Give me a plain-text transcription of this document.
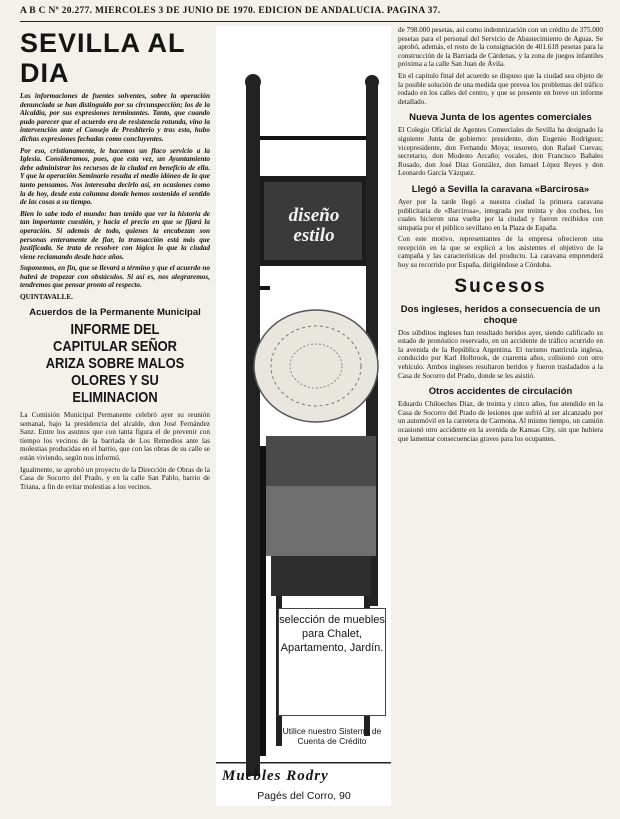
A B C Nº 20.277. MIERCOLES 3 DE JUNIO DE 1970. EDICION DE ANDALUCIA. PAGINA 37.
SEVILLA AL DIA

Las informaciones de fuentes solventes, sobre la operación denunciada se han distinguido por su circunspección; los de la Alcaldía, por sus expresiones terminantes. Tanto, que cuando pudo parecer que el acuerdo era de resistencia rotunda, vino la intervención ante el Consejo de Presbiterio y tras esto, hubo dichas expresiones fechadas como concluyentes.

Por eso, cristianamente, le hacemos un flaco servicio a la Iglesia. Consideramos, pues, que esta vez, un Ayuntamiento debe administrar los recursos de la ciudad en beneficio de ella. Y que la operación Seminario resulta el medio idóneo de la que tanto pensamos. Nos interesaba decirlo así, en ocasiones como la de hoy, desde esta columna donde hemos sostenido el sentido de las cosas a su tiempo.

Bien lo sabe todo el mundo: han tenido que ver la historia de tan importante cuestión, y hacia el precio en que se fijará la operación. Si además de todo, quienes la encabezan son personas enteramente de fiar, la transacción está más que justificada. Se trata de resolver con lógica lo que la ciudad viene reclamando desde hace años.

Suponemos, en fin, que se llevará a término y que el acuerdo no habrá de tropezar con obstáculos. Si así es, nos alegraremos, tendremos que pensar pronto al respecto.

QUINTAVALLE.
Acuerdos de la Permanente Municipal
INFORME DEL CAPITULAR SEÑOR ARIZA SOBRE MALOS OLORES Y SU ELIMINACION

La Comisión Municipal Permanente celebró ayer su reunión semanal, bajo la presidencia del alcalde, don José Fernández Sanz. Entre los asuntos que con tanta figura el de prevenir con tiempo los vecinos de la barriada de Los Remedios ante las molestias producidas en el barrio, que con las obras de su calle se están viviendo, según nos informó.

Igualmente, se aprobó un proyecto de la Dirección de Obras de la Casa de Socorro del Prado, y en la calle San Pablo, barrio de Triana, a fin de evitar molestias a los vecinos.

diseño estilo
selección de muebles para Chalet, Apartamento, Jardín.
Utilice nuestro Sistema de Cuenta de Crédito
Muebles Rodry
Pagés del Corro, 90

de 798.000 pesetas, así como indemnización con un crédito de 375.000 pesetas para el personal del Servicio de Abastecimiento de Aguas. Se aprobó, además, el resto de la consignación de 401.618 pesetas para la construcción de la Barriada de Cárdenas, y la zona de juegos infantiles próxima a la calle San Juan de Ávila.

En el capítulo final del acuerdo se dispuso que la ciudad sea objeto de la posible solución de una medida que prevea los problemas del tráfico rodado en los calles del centro, y que se presente en breve un informe detallado.

Nueva Junta de los agentes comerciales

El Colegio Oficial de Agentes Comerciales de Sevilla ha designado la siguiente Junta de gobierno: presidente, don Eugenio Rodríguez; vicepresidente, don Fernando Moya; tesorero, don Rafael Cuevas; secretario, don Modesto Arcaño; vocales, don Francisco Bañales Rosado, don José Díaz González, don Ismael López Reyes y don Leonardo García Vázquez.

Llegó a Sevilla la caravana «Barcirosa»

Ayer por la tarde llegó a nuestra ciudad la primera caravana publicitaria de «Barcirosa», integrada por treinta y dos coches, los cuales hicieron una vuelta por la ciudad y fueron recibidos con simpatía por el público sevillano en la Plaza de España.

Con este motivo, representantes de la empresa ofrecieron una recepción en la que se explicó a los asistentes el objetivo de la campaña y las características del producto. La caravana emprenderá hoy su recorrido por España, dirigiéndose a Córdoba.

Sucesos
Dos ingleses, heridos a consecuencia de un choque

Dos súbditos ingleses han resultado heridos ayer, siendo calificado su estado de pronóstico reservado, en un accidente de tráfico ocurrido en la avenida de la República Argentina. El turismo matrícula inglesa, conducido por Karl Holbrook, de cuarenta años, colisionó con otro vehículo. Ambos ingleses resultaron heridos y fueron trasladados a la Casa de Socorro del Prado, donde se les asistió.

Otros accidentes de circulación

Eduardo Chiloeches Díaz, de treinta y cinco años, fue atendido en la Casa de Socorro del Prado de lesiones que sufrió al ser alcanzado por un automóvil en la carretera de Carmona. Al mismo tiempo, un camión ocasionó otro accidente en la avenida de Kansas City, sin que hubiera que lamentar consecuencias graves para los ocupantes.
